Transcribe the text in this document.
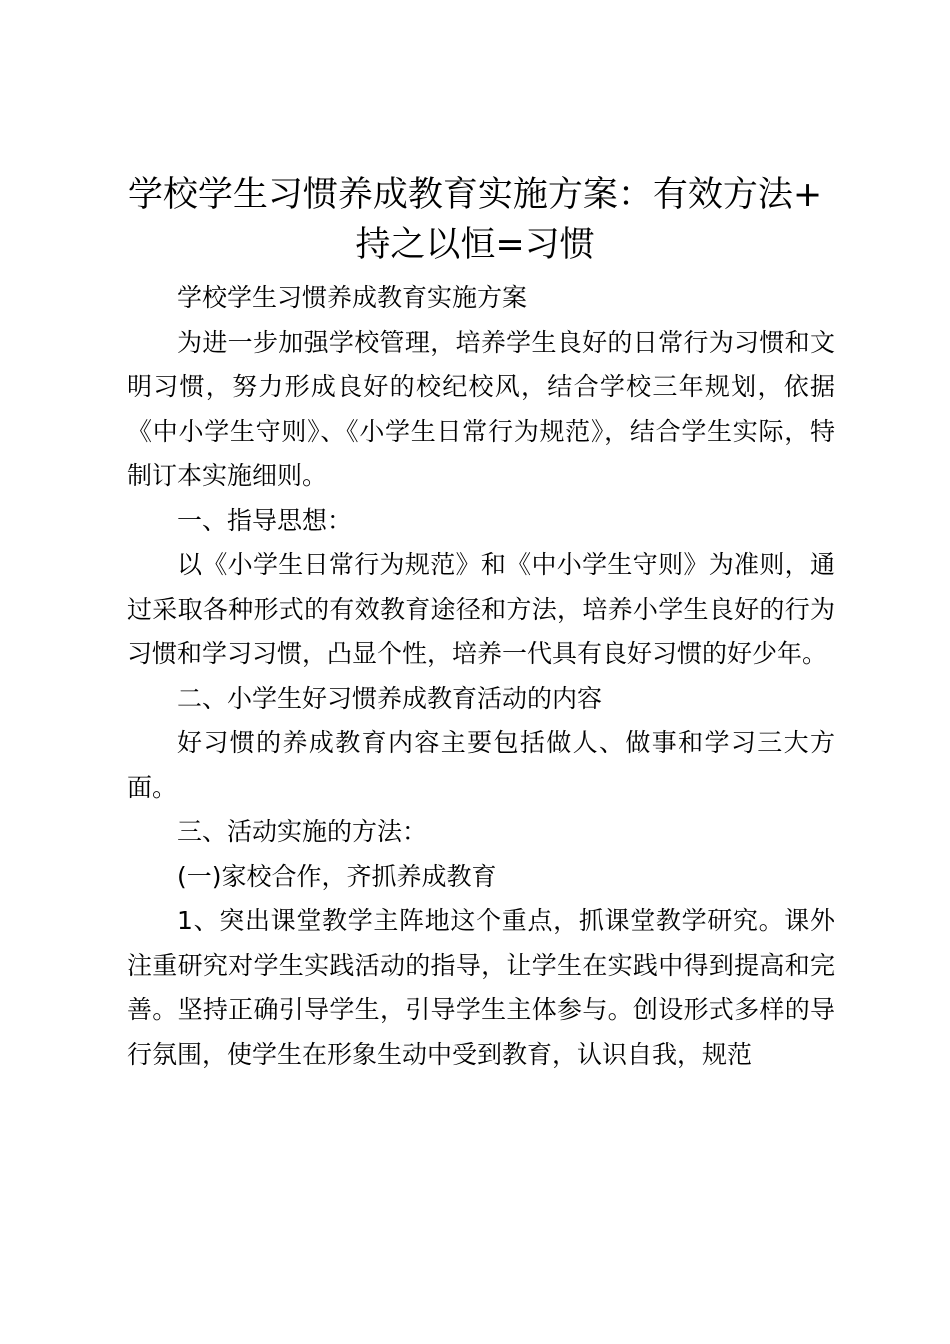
学校学生习惯养成教育实施方案：有效方法+
持之以恒=习惯

学校学生习惯养成教育实施方案

为进一步加强学校管理，培养学生良好的日常行为习惯和文明习惯，努力形成良好的校纪校风，结合学校三年规划，依据《中小学生守则》、《小学生日常行为规范》，结合学生实际，特制订本实施细则。

一、指导思想：

以《小学生日常行为规范》和《中小学生守则》为准则，通过采取各种形式的有效教育途径和方法，培养小学生良好的行为习惯和学习习惯，凸显个性，培养一代具有良好习惯的好少年。

二、小学生好习惯养成教育活动的内容

好习惯的养成教育内容主要包括做人、做事和学习三大方面。

三、活动实施的方法：

(一)家校合作，齐抓养成教育

1、突出课堂教学主阵地这个重点，抓课堂教学研究。课外注重研究对学生实践活动的指导，让学生在实践中得到提高和完善。坚持正确引导学生，引导学生主体参与。创设形式多样的导行氛围，使学生在形象生动中受到教育，认识自我，规范
